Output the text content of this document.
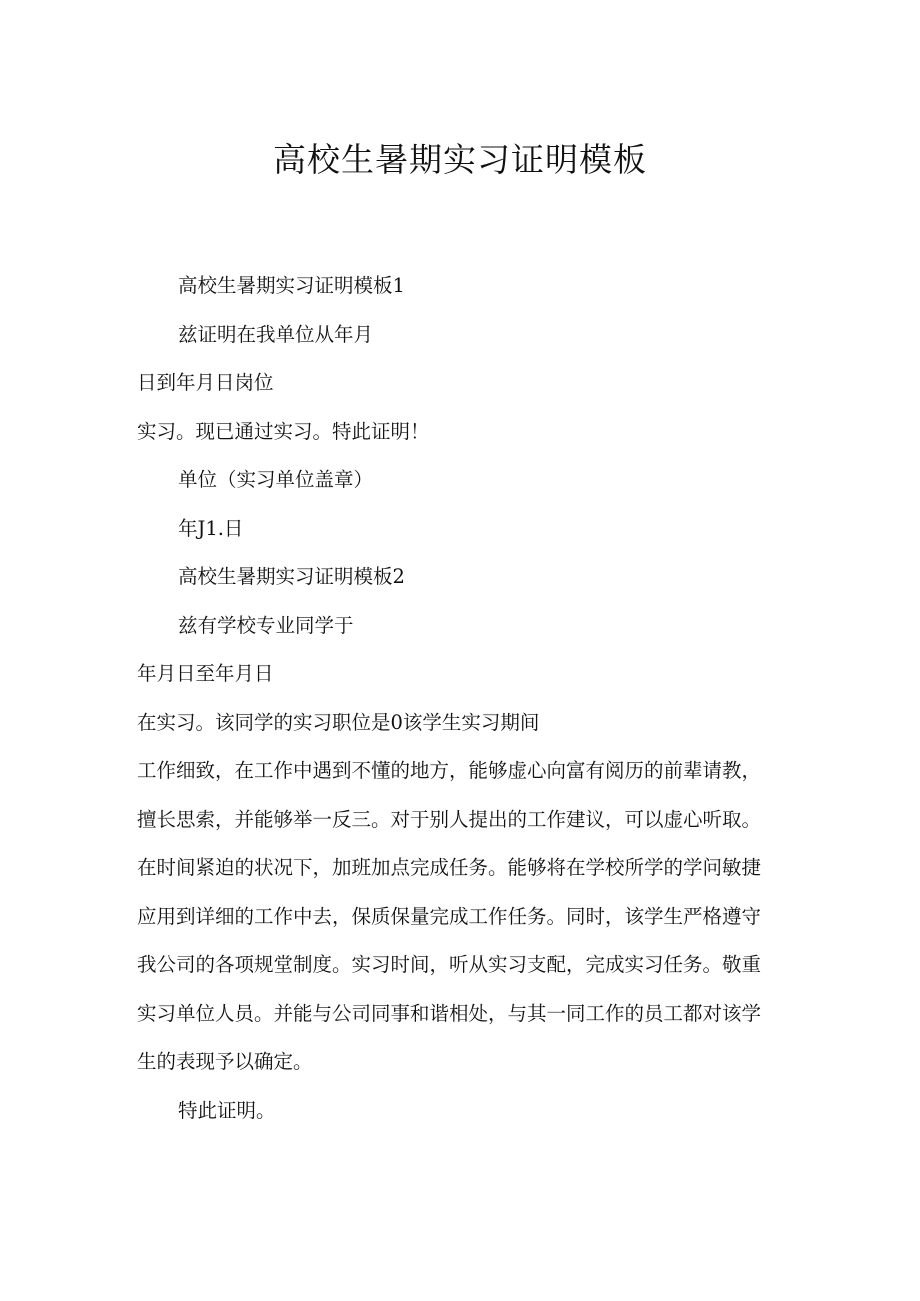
高校生暑期实习证明模板
高校生暑期实习证明模板1
兹证明在我单位从年月
日到年月日岗位
实习。现已通过实习。特此证明！
单位（实习单位盖章）
年J1.日
高校生暑期实习证明模板2
兹有学校专业同学于
年月日至年月日
在实习。该同学的实习职位是0该学生实习期间
工作细致，在工作中遇到不懂的地方，能够虚心向富有阅历的前辈请教，
擅长思索，并能够举一反三。对于别人提出的工作建议，可以虚心听取。
在时间紧迫的状况下，加班加点完成任务。能够将在学校所学的学问敏捷
应用到详细的工作中去，保质保量完成工作任务。同时，该学生严格遵守
我公司的各项规堂制度。实习时间，听从实习支配，完成实习任务。敬重
实习单位人员。并能与公司同事和谐相处，与其一同工作的员工都对该学
生的表现予以确定。
特此证明。
